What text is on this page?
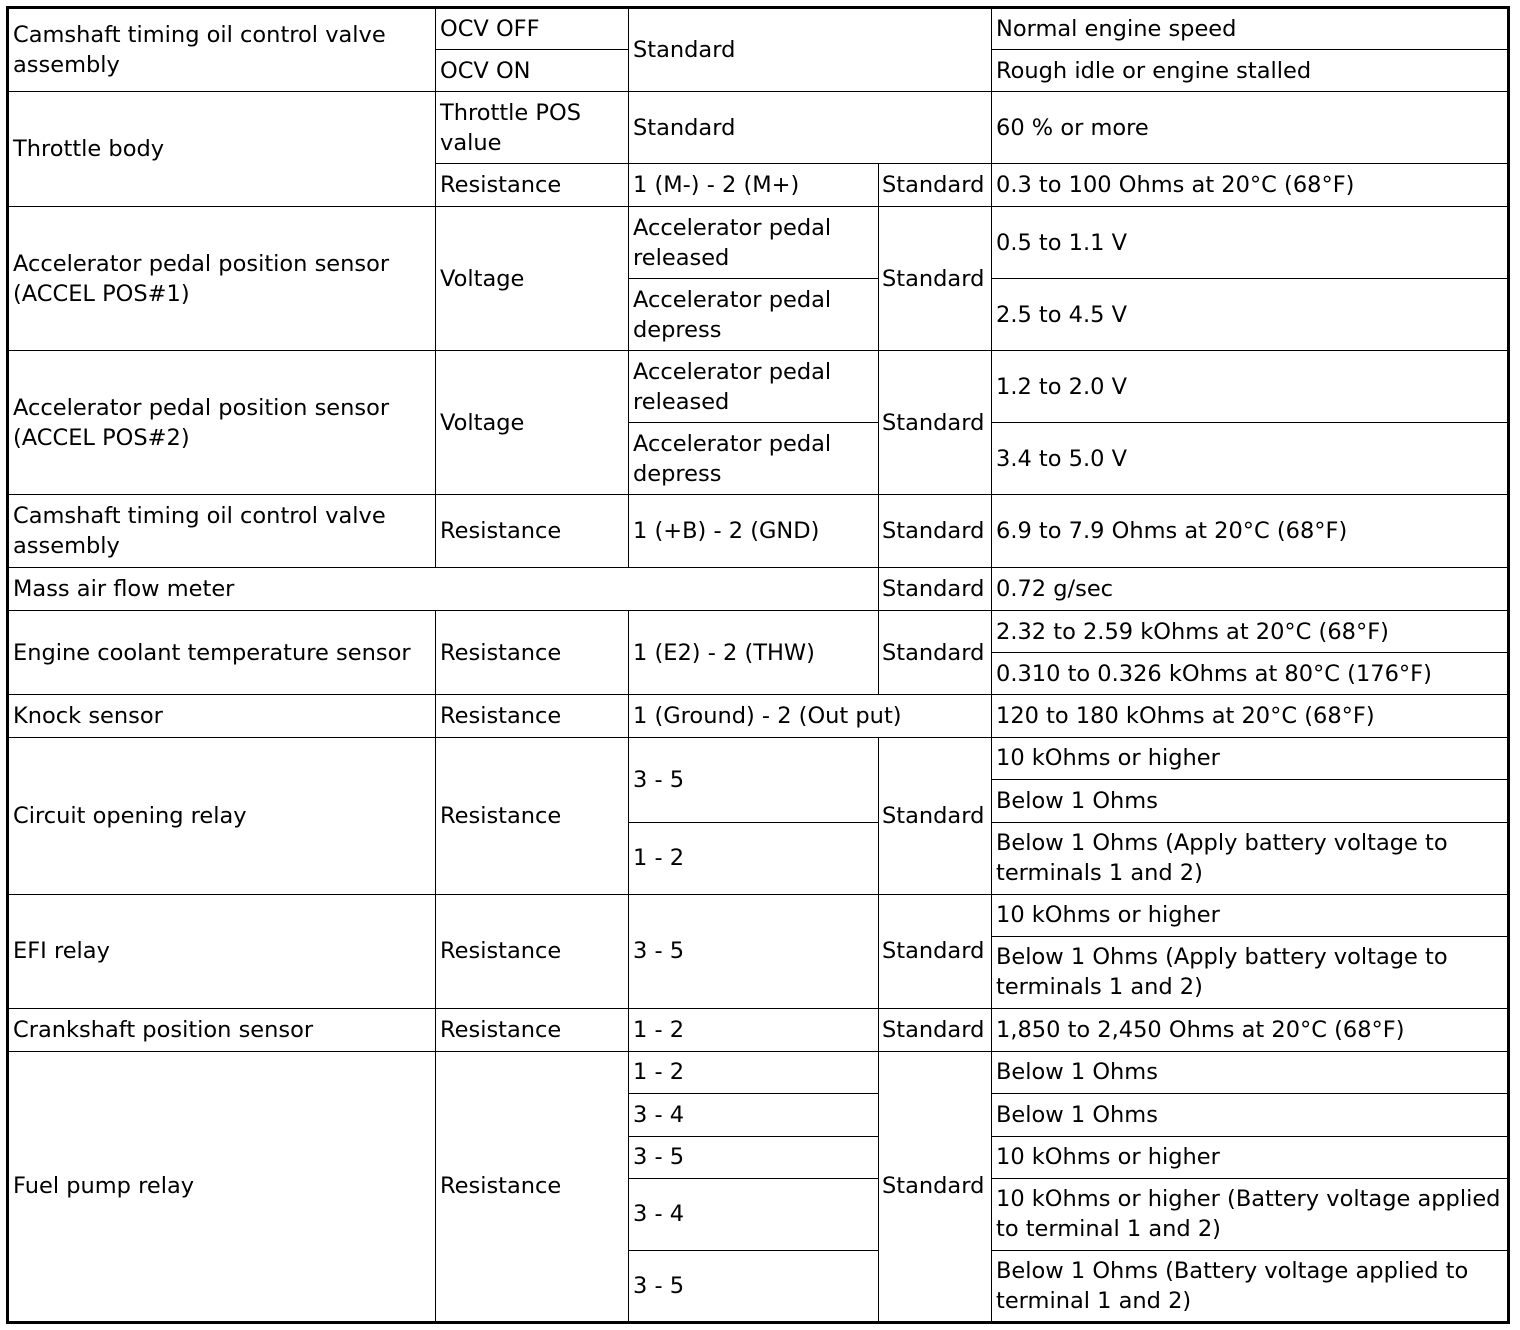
Camshaft timing oil control valve assembly	OCV OFF	Standard		Normal engine speed
	OCV ON			Rough idle or engine stalled
Throttle body	Throttle POS value	Standard		60 % or more
	Resistance	1 (M-) - 2 (M+)	Standard	0.3 to 100 Ohms at 20°C (68°F)
Accelerator pedal position sensor (ACCEL POS#1)	Voltage	Accelerator pedal released	Standard	0.5 to 1.1 V
		Accelerator pedal depress		2.5 to 4.5 V
Accelerator pedal position sensor (ACCEL POS#2)	Voltage	Accelerator pedal released	Standard	1.2 to 2.0 V
		Accelerator pedal depress		3.4 to 5.0 V
Camshaft timing oil control valve assembly	Resistance	1 (+B) - 2 (GND)	Standard	6.9 to 7.9 Ohms at 20°C (68°F)
Mass air flow meter			Standard	0.72 g/sec
Engine coolant temperature sensor	Resistance	1 (E2) - 2 (THW)	Standard	2.32 to 2.59 kOhms at 20°C (68°F)
				0.310 to 0.326 kOhms at 80°C (176°F)
Knock sensor	Resistance	1 (Ground) - 2 (Out put)		120 to 180 kOhms at 20°C (68°F)
Circuit opening relay	Resistance	3 - 5	Standard	10 kOhms or higher
				Below 1 Ohms
		1 - 2		Below 1 Ohms (Apply battery voltage to terminals 1 and 2)
EFI relay	Resistance	3 - 5	Standard	10 kOhms or higher
				Below 1 Ohms (Apply battery voltage to terminals 1 and 2)
Crankshaft position sensor	Resistance	1 - 2	Standard	1,850 to 2,450 Ohms at 20°C (68°F)
Fuel pump relay	Resistance	1 - 2	Standard	Below 1 Ohms
		3 - 4		Below 1 Ohms
		3 - 5		10 kOhms or higher
		3 - 4		10 kOhms or higher (Battery voltage applied to terminal 1 and 2)
		3 - 5		Below 1 Ohms (Battery voltage applied to terminal 1 and 2)
